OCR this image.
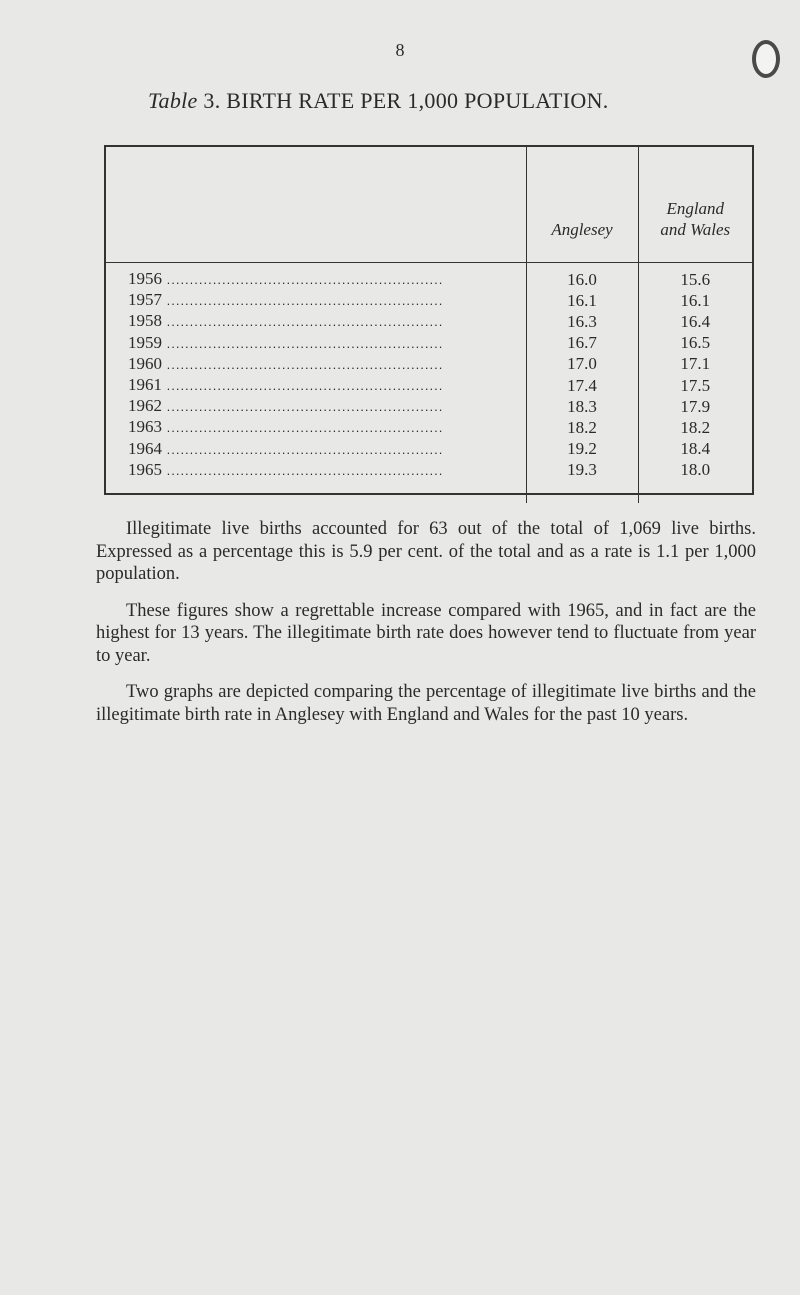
8
Table 3. BIRTH RATE PER 1,000 POPULATION.
	Anglesey	England
and Wales
1956 ............................................................	16.0	15.6
1957 ............................................................	16.1	16.1
1958 ............................................................	16.3	16.4
1959 ............................................................	16.7	16.5
1960 ............................................................	17.0	17.1
1961 ............................................................	17.4	17.5
1962 ............................................................	18.3	17.9
1963 ............................................................	18.2	18.2
1964 ............................................................	19.2	18.4
1965 ............................................................	19.3	18.0

Illegitimate live births accounted for 63 out of the total of 1,069 live births. Expressed as a percentage this is 5.9 per cent. of the total and as a rate is 1.1 per 1,000 population.

These figures show a regrettable increase compared with 1965, and in fact are the highest for 13 years. The illegitimate birth rate does however tend to fluctuate from year to year.

Two graphs are depicted comparing the percentage of illegitimate live births and the illegitimate birth rate in Anglesey with England and Wales for the past 10 years.
